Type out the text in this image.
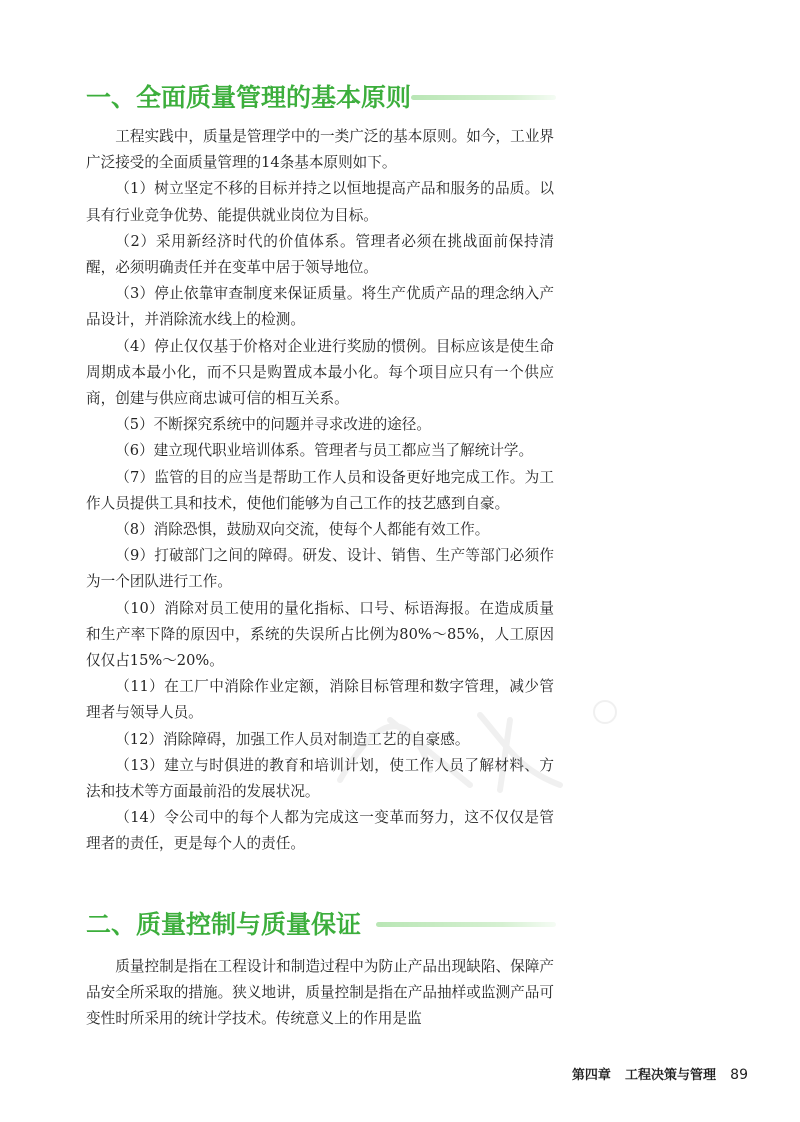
一、全面质量管理的基本原则

工程实践中，质量是管理学中的一类广泛的基本原则。如今，工业界广泛接受的全面质量管理的14条基本原则如下。

（1）树立坚定不移的目标并持之以恒地提高产品和服务的品质。以具有行业竞争优势、能提供就业岗位为目标。

（2）采用新经济时代的价值体系。管理者必须在挑战面前保持清醒，必须明确责任并在变革中居于领导地位。

（3）停止依靠审查制度来保证质量。将生产优质产品的理念纳入产品设计，并消除流水线上的检测。

（4）停止仅仅基于价格对企业进行奖励的惯例。目标应该是使生命周期成本最小化，而不只是购置成本最小化。每个项目应只有一个供应商，创建与供应商忠诚可信的相互关系。

（5）不断探究系统中的问题并寻求改进的途径。

（6）建立现代职业培训体系。管理者与员工都应当了解统计学。

（7）监管的目的应当是帮助工作人员和设备更好地完成工作。为工作人员提供工具和技术，使他们能够为自己工作的技艺感到自豪。

（8）消除恐惧，鼓励双向交流，使每个人都能有效工作。

（9）打破部门之间的障碍。研发、设计、销售、生产等部门必须作为一个团队进行工作。

（10）消除对员工使用的量化指标、口号、标语海报。在造成质量和生产率下降的原因中，系统的失误所占比例为80%～85%，人工原因仅仅占15%～20%。

（11）在工厂中消除作业定额，消除目标管理和数字管理，减少管理者与领导人员。

（12）消除障碍，加强工作人员对制造工艺的自豪感。

（13）建立与时俱进的教育和培训计划，使工作人员了解材料、方法和技术等方面最前沿的发展状况。

（14）令公司中的每个人都为完成这一变革而努力，这不仅仅是管理者的责任，更是每个人的责任。

二、质量控制与质量保证

质量控制是指在工程设计和制造过程中为防止产品出现缺陷、保障产品安全所采取的措施。狭义地讲，质量控制是指在产品抽样或监测产品可变性时所采用的统计学技术。传统意义上的作用是监

第四章 工程决策与管理 89
